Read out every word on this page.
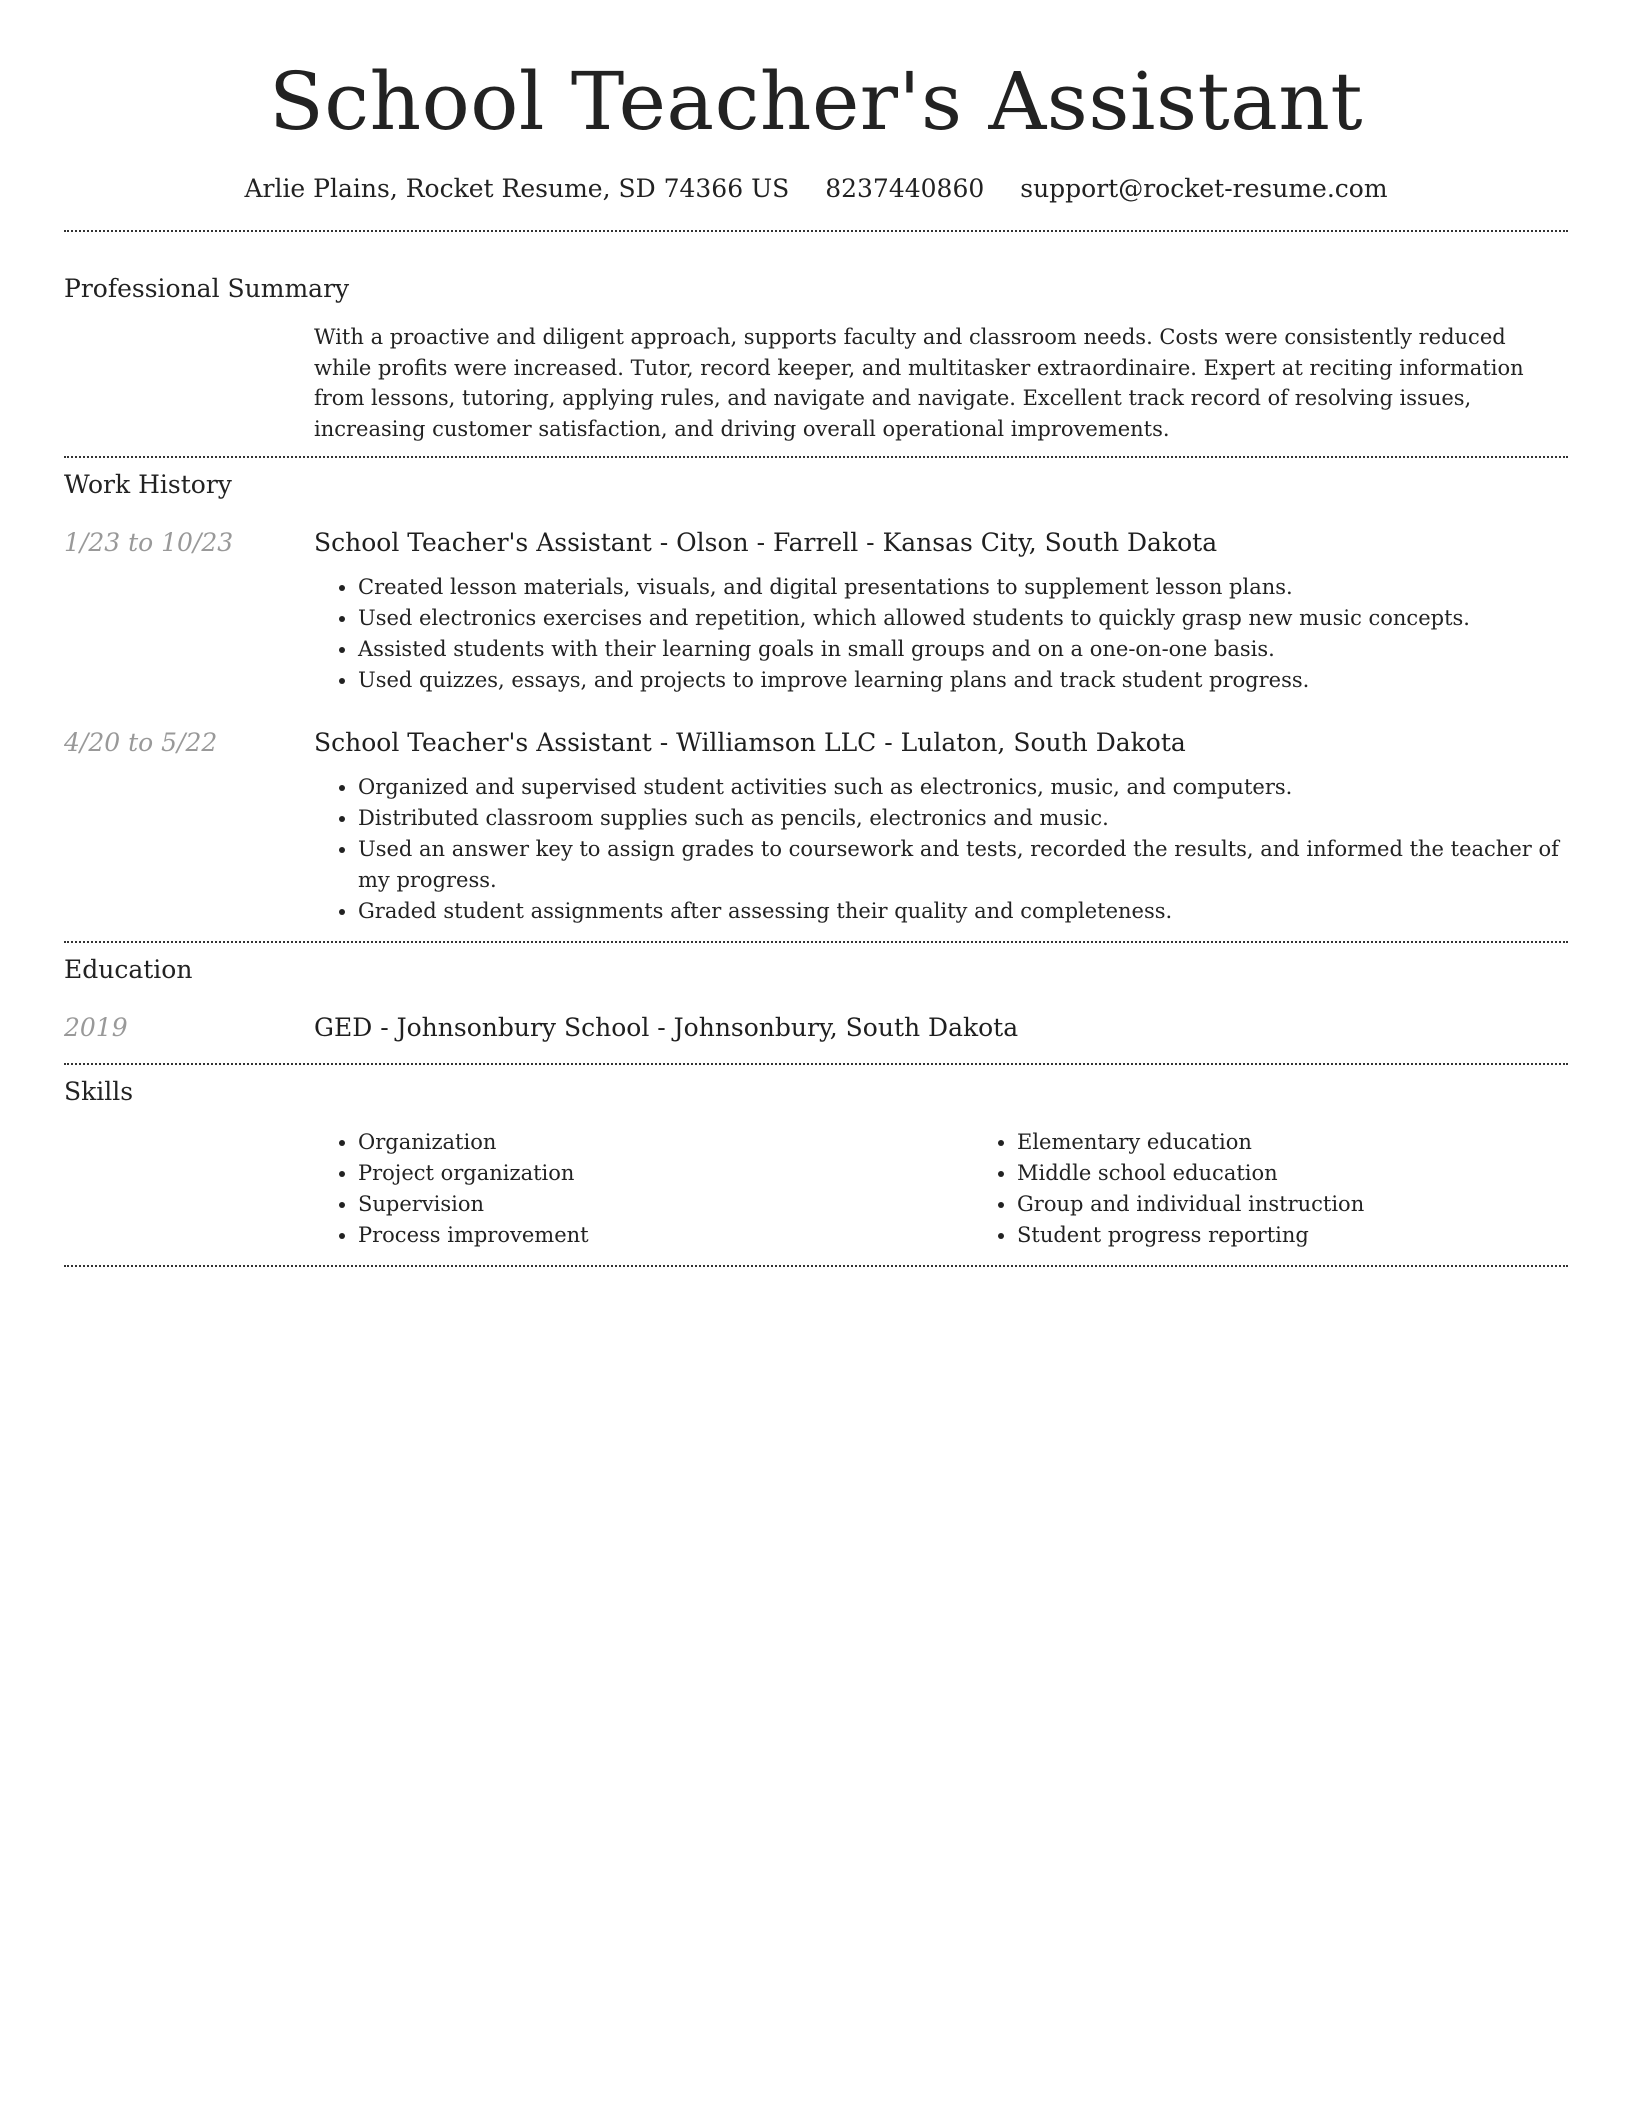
School Teacher's Assistant
Arlie Plains, Rocket Resume, SD 74366 US 8237440860 support@rocket-resume.com
Professional Summary
With a proactive and diligent approach, supports faculty and classroom needs. Costs were consistently reduced while profits were increased. Tutor, record keeper, and multitasker extraordinaire. Expert at reciting information from lessons, tutoring, applying rules, and navigate and navigate. Excellent track record of resolving issues, increasing customer satisfaction, and driving overall operational improvements.
Work History
1/23 to 10/23	School Teacher's Assistant - Olson - Farrell - Kansas City, South Dakota
• Created lesson materials, visuals, and digital presentations to supplement lesson plans.
• Used electronics exercises and repetition, which allowed students to quickly grasp new music concepts.
• Assisted students with their learning goals in small groups and on a one-on-one basis.
• Used quizzes, essays, and projects to improve learning plans and track student progress.
4/20 to 5/22	School Teacher's Assistant - Williamson LLC - Lulaton, South Dakota
• Organized and supervised student activities such as electronics, music, and computers.
• Distributed classroom supplies such as pencils, electronics and music.
• Used an answer key to assign grades to coursework and tests, recorded the results, and informed the teacher of my progress.
• Graded student assignments after assessing their quality and completeness.
Education
2019	GED - Johnsonbury School - Johnsonbury, South Dakota
Skills
• Organization
• Project organization
• Supervision
• Process improvement
• Elementary education
• Middle school education
• Group and individual instruction
• Student progress reporting
